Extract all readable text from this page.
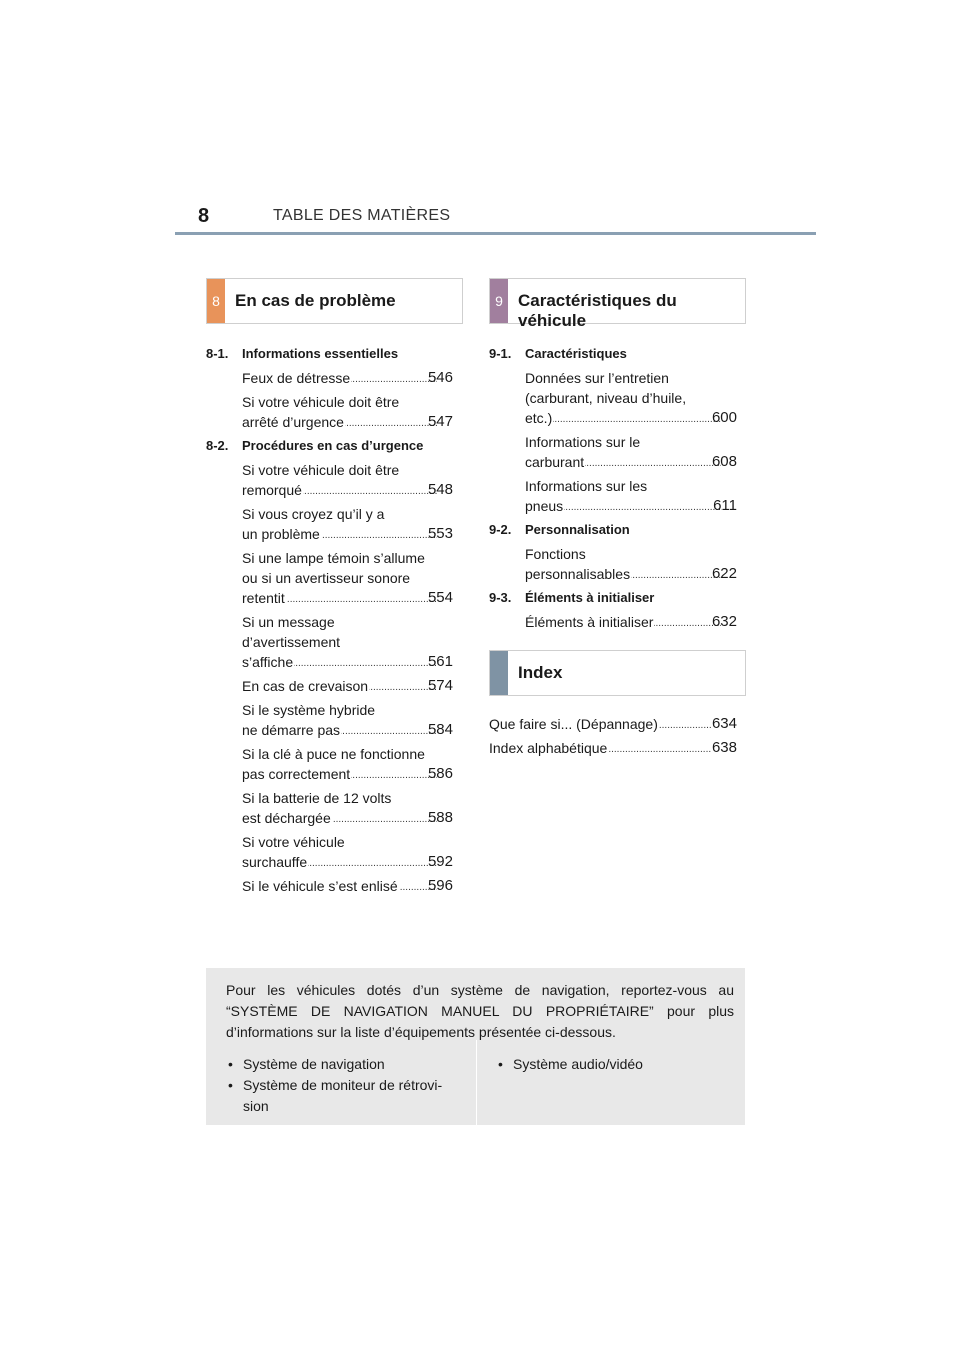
8	TABLE DES MATIÈRES
8 En cas de problème	9 Caractéristiques du véhicule
8-1.	Informations essentielles
Feux de détresse .....	546
Si votre véhicule doit être
arrêté d’urgence .....	547
8-2.	Procédures en cas d’urgence
Si votre véhicule doit être
remorqué .....	548
Si vous croyez qu’il y a
un problème .....	553
Si une lampe témoin s’allume
ou si un avertisseur sonore
retentit .....	554
Si un message
d’avertissement
s’affiche .....	561
En cas de crevaison .....	574
Si le système hybride
ne démarre pas .....	584
Si la clé à puce ne fonctionne
pas correctement .....	586
Si la batterie de 12 volts
est déchargée .....	588
Si votre véhicule
surchauffe .....	592
Si le véhicule s’est enlisé ..... 596
9-1.	Caractéristiques
Données sur l’entretien
(carburant, niveau d’huile,
etc.) .....	600
Informations sur le
carburant .....	608
Informations sur les
pneus .....	611
9-2.	Personnalisation
Fonctions
personnalisables .....	622
9-3.	Éléments à initialiser
Éléments à initialiser .....	632
Index
Que faire si... (Dépannage) .....	634
Index alphabétique .....	638
Pour les véhicules dotés d’un système de navigation, reportez-vous au “SYSTÈME DE NAVIGATION MANUEL DU PROPRIÉTAIRE” pour plus d’informations sur la liste d’équipements présentée ci-dessous.
• Système de navigation
• Système de moniteur de rétrovi-sion
• Système audio/vidéo
